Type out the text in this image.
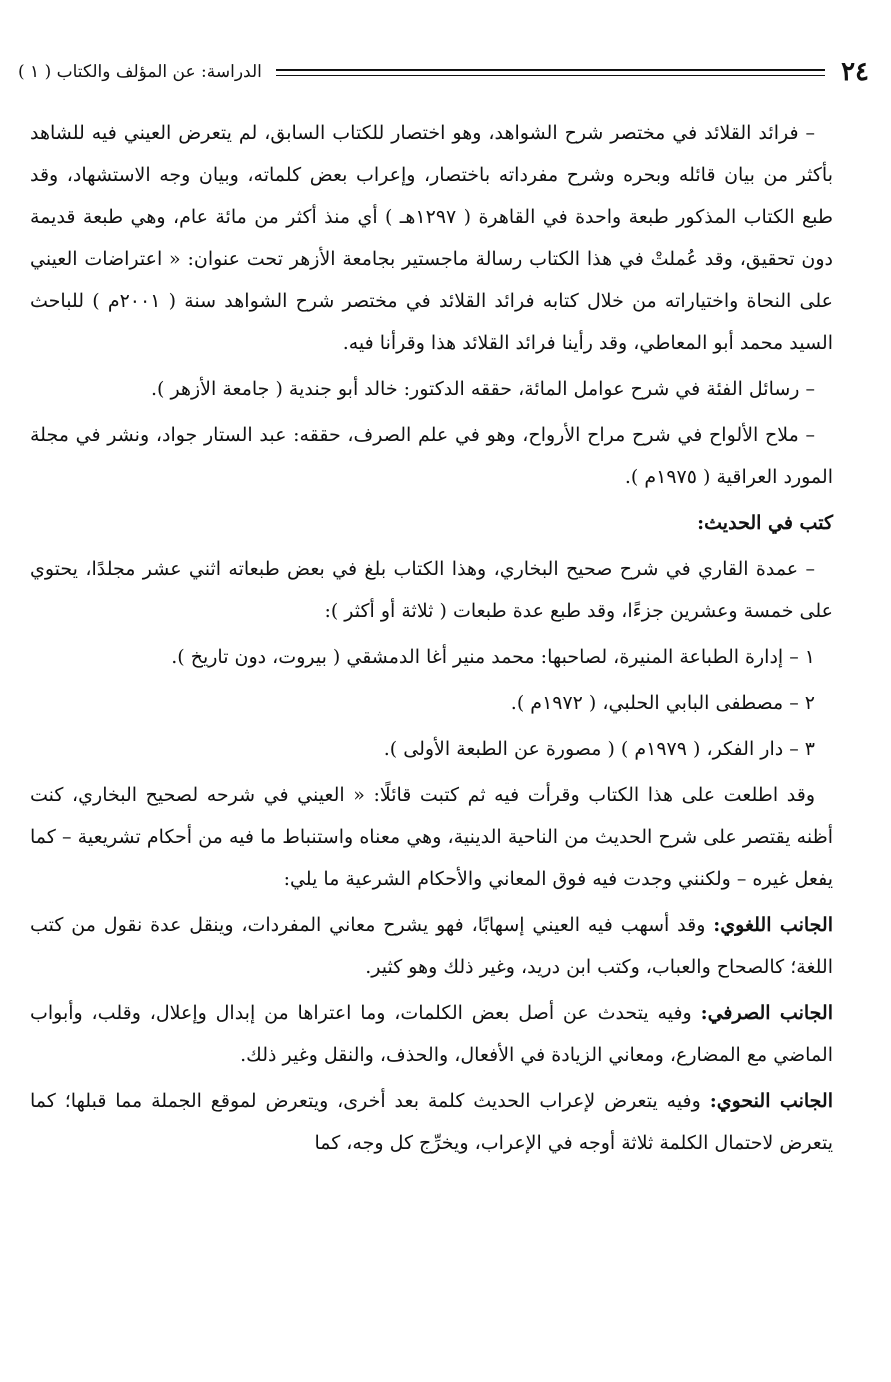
٢٤
الدراسة: عن المؤلف والكتاب ( ١ )

– فرائد القلائد في مختصر شرح الشواهد، وهو اختصار للكتاب السابق، لم يتعرض العيني فيه للشاهد بأكثر من بيان قائله وبحره وشرح مفرداته باختصار، وإعراب بعض كلماته، وبيان وجه الاستشهاد، وقد طبع الكتاب المذكور طبعة واحدة في القاهرة ( ١٢٩٧هـ ) أي منذ أكثر من مائة عام، وهي طبعة قديمة دون تحقيق، وقد عُملتْ في هذا الكتاب رسالة ماجستير بجامعة الأزهر تحت عنوان: « اعتراضات العيني على النحاة واختياراته من خلال كتابه فرائد القلائد في مختصر شرح الشواهد سنة ( ٢٠٠١م ) للباحث السيد محمد أبو المعاطي، وقد رأينا فرائد القلائد هذا وقرأنا فيه.

– رسائل الفئة في شرح عوامل المائة، حققه الدكتور: خالد أبو جندية ( جامعة الأزهر ).

– ملاح الألواح في شرح مراح الأرواح، وهو في علم الصرف، حققه: عبد الستار جواد، ونشر في مجلة المورد العراقية ( ١٩٧٥م ).

كتب في الحديث:

– عمدة القاري في شرح صحيح البخاري، وهذا الكتاب بلغ في بعض طبعاته اثني عشر مجلدًا، يحتوي على خمسة وعشرين جزءًا، وقد طبع عدة طبعات ( ثلاثة أو أكثر ):

١ – إدارة الطباعة المنيرة، لصاحبها: محمد منير أغا الدمشقي ( بيروت، دون تاريخ ).

٢ – مصطفى البابي الحلبي، ( ١٩٧٢م ).

٣ – دار الفكر، ( ١٩٧٩م ) ( مصورة عن الطبعة الأولى ).

وقد اطلعت على هذا الكتاب وقرأت فيه ثم كتبت قائلًا: « العيني في شرحه لصحيح البخاري، كنت أظنه يقتصر على شرح الحديث من الناحية الدينية، وهي معناه واستنباط ما فيه من أحكام تشريعية – كما يفعل غيره – ولكنني وجدت فيه فوق المعاني والأحكام الشرعية ما يلي:

الجانب اللغوي: وقد أسهب فيه العيني إسهابًا، فهو يشرح معاني المفردات، وينقل عدة نقول من كتب اللغة؛ كالصحاح والعباب، وكتب ابن دريد، وغير ذلك وهو كثير.

الجانب الصرفي: وفيه يتحدث عن أصل بعض الكلمات، وما اعتراها من إبدال وإعلال، وقلب، وأبواب الماضي مع المضارع، ومعاني الزيادة في الأفعال، والحذف، والنقل وغير ذلك.

الجانب النحوي: وفيه يتعرض لإعراب الحديث كلمة بعد أخرى، ويتعرض لموقع الجملة مما قبلها؛ كما يتعرض لاحتمال الكلمة ثلاثة أوجه في الإعراب، ويخرِّج كل وجه، كما
